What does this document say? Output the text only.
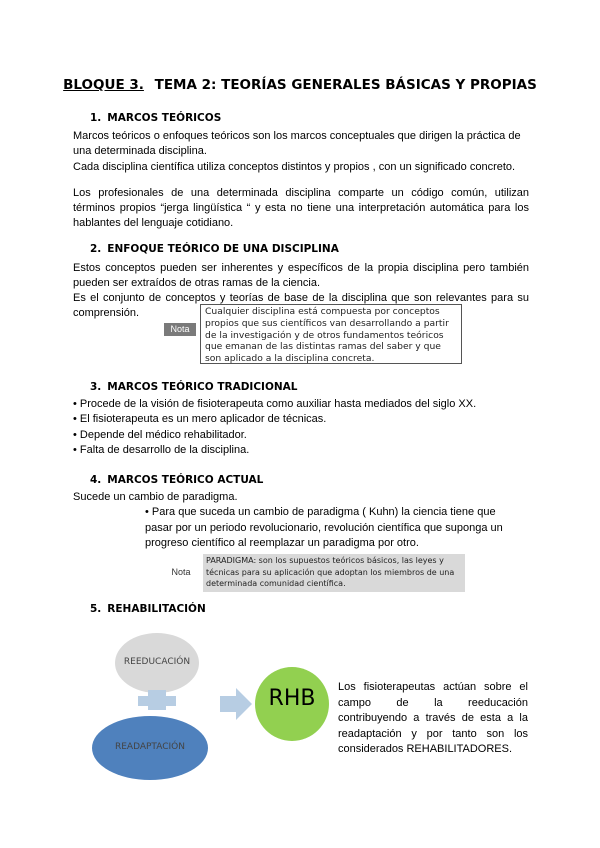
BLOQUE 3. TEMA 2: TEORÍAS GENERALES BÁSICAS Y PROPIAS
1. MARCOS TEÓRICOS
Marcos teóricos o enfoques teóricos son los marcos conceptuales que dirigen la práctica de una determinada disciplina.
Cada disciplina científica utiliza conceptos distintos y propios , con un significado concreto.
Los profesionales de una determinada disciplina comparte un código común, utilizan términos propios “jerga lingüística “ y esta no tiene una interpretación automática para los hablantes del lenguaje cotidiano.
2. ENFOQUE TEÓRICO DE UNA DISCIPLINA
Estos conceptos pueden ser inherentes y específicos de la propia disciplina pero también pueden ser extraídos de otras ramas de la ciencia.
Es el conjunto de conceptos y teorías de base de la disciplina que son relevantes para su comprensión.
Nota
Cualquier disciplina está compuesta por conceptos propios que sus científicos van desarrollando a partir de la investigación y de otros fundamentos teóricos que emanan de las distintas ramas del saber y que son aplicado a la disciplina concreta.
3. MARCOS TEÓRICO TRADICIONAL
• Procede de la visión de fisioterapeuta como auxiliar hasta mediados del siglo XX.
• El fisioterapeuta es un mero aplicador de técnicas.
• Depende del médico rehabilitador.
• Falta de desarrollo de la disciplina.
4. MARCOS TEÓRICO ACTUAL
Sucede un cambio de paradigma.
• Para que suceda un cambio de paradigma ( Kuhn) la ciencia tiene que pasar por un periodo revolucionario, revolución científica que suponga un progreso científico al reemplazar un paradigma por otro.
Nota
PARADIGMA: son los supuestos teóricos básicos, las leyes y técnicas para su aplicación que adoptan los miembros de una determinada comunidad científica.
5. REHABILITACIÓN
REEDUCACIÓN
READAPTACIÓN
RHB	Los fisioterapeutas actúan sobre el campo de la reeducación contribuyendo a través de esta a la readaptación y por tanto son los considerados REHABILITADORES.
